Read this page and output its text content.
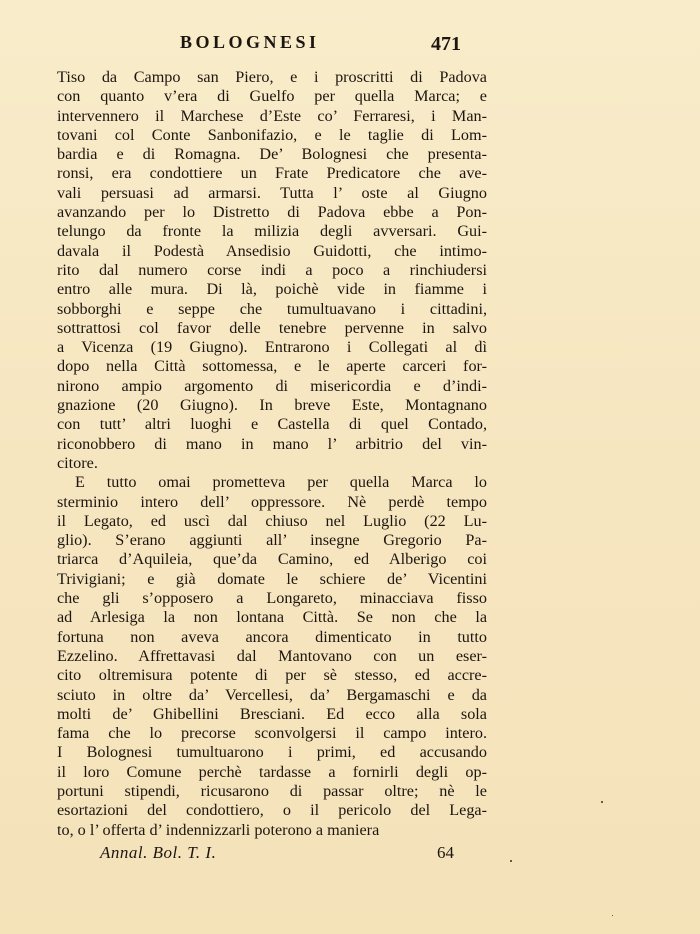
BOLOGNESI	471
Tiso da Campo san Piero, e i proscritti di Padova
con quanto v’era di Guelfo per quella Marca; e
intervennero il Marchese d’Este co’ Ferraresi, i Man-
tovani col Conte Sanbonifazio, e le taglie di Lom-
bardia e di Romagna. De’ Bolognesi che presenta-
ronsi, era condottiere un Frate Predicatore che ave-
vali persuasi ad armarsi. Tutta l’ oste al Giugno
avanzando per lo Distretto di Padova ebbe a Pon-
telungo da fronte la milizia degli avversari. Gui-
davala il Podestà Ansedisio Guidotti, che intimo-
rito dal numero corse indi a poco a rinchiudersi
entro alle mura. Di là, poichè vide in fiamme i
sobborghi e seppe che tumultuavano i cittadini,
sottrattosi col favor delle tenebre pervenne in salvo
a Vicenza (19 Giugno). Entrarono i Collegati al dì
dopo nella Città sottomessa, e le aperte carceri for-
nirono ampio argomento di misericordia e d’indi-
gnazione (20 Giugno). In breve Este, Montagnano
con tutt’ altri luoghi e Castella di quel Contado,
riconobbero di mano in mano l’ arbitrio del vin-
citore.
E tutto omai prometteva per quella Marca lo
sterminio intero dell’ oppressore. Nè perdè tempo
il Legato, ed uscì dal chiuso nel Luglio (22 Lu-
glio). S’erano aggiunti all’ insegne Gregorio Pa-
triarca d’Aquileia, que’da Camino, ed Alberigo coi
Trivigiani; e già domate le schiere de’ Vicentini
che gli s’opposero a Longareto, minacciava fisso
ad Arlesiga la non lontana Città. Se non che la
fortuna non aveva ancora dimenticato in tutto
Ezzelino. Affrettavasi dal Mantovano con un eser-
cito oltremisura potente di per sè stesso, ed accre-
sciuto in oltre da’ Vercellesi, da’ Bergamaschi e da
molti de’ Ghibellini Bresciani. Ed ecco alla sola
fama che lo precorse sconvolgersi il campo intero.
I Bolognesi tumultuarono i primi, ed accusando
il loro Comune perchè tardasse a fornirli degli op-
portuni stipendi, ricusarono di passar oltre; nè le
esortazioni del condottiero, o il pericolo del Lega-
to, o l’ offerta d’ indennizzarli poterono a maniera
Annal. Bol. T. I.	64
